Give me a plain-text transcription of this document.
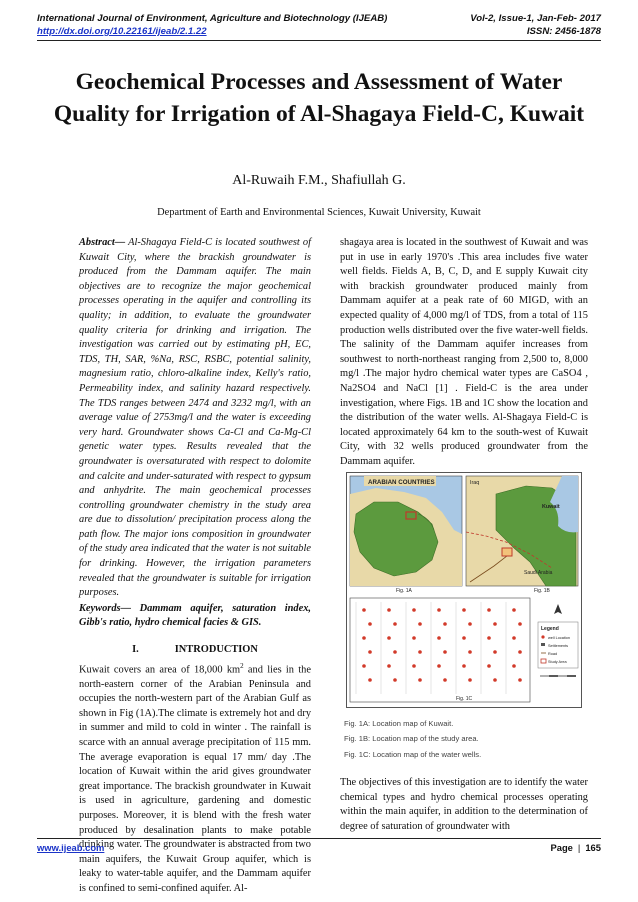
International Journal of Environment, Agriculture and Biotechnology (IJEAB)	Vol-2, Issue-1, Jan-Feb- 2017
http://dx.doi.org/10.22161/ijeab/2.1.22	ISSN: 2456-1878
Geochemical Processes and Assessment of Water Quality for Irrigation of Al-Shagaya Field-C, Kuwait
Al-Ruwaih F.M., Shafiullah G.
Department of Earth and Environmental Sciences, Kuwait University, Kuwait

Abstract— Al-Shagaya Field-C is located southwest of Kuwait City, where the brackish groundwater is produced from the Dammam aquifer. The main objectives are to recognize the major geochemical processes operating in the aquifer and controlling its quality; in addition, to evaluate the groundwater quality criteria for drinking and irrigation. The investigation was carried out by estimating pH, EC, TDS, TH, SAR, %Na, RSC, RSBC, potential salinity, magnesium ratio, chloro-alkaline index, Kelly's ratio, Permeability index, and salinity hazard respectively. The TDS ranges between 2474 and 3232 mg/l, with an average value of 2753mg/l and the water is exceeding very hard. Groundwater shows Ca-Cl and Ca-Mg-Cl genetic water types. Results revealed that the groundwater is oversaturated with respect to dolomite and calcite and under-saturated with respect to gypsum and anhydrite. The main geochemical processes controlling groundwater chemistry in the study area are due to dissolution/ precipitation process along the path flow. The major ions composition in groundwater of the study area indicated that the water is not suitable for drinking. However, the irrigation parameters revealed that the groundwater is suitable for irrigation purposes.

Keywords— Dammam aquifer, saturation index, Gibb's ratio, hydro chemical facies & GIS.

I.	INTRODUCTION

Kuwait covers an area of 18,000 $km^2$ and lies in the north-eastern corner of the Arabian Peninsula and occupies the north-western part of the Arabian Gulf as shown in Fig (1A).The climate is extremely hot and dry in summer and mild to cold in winter . The rainfall is scarce with an annual average precipitation of 115 mm. The average evaporation is equal 17 mm/ day .The location of Kuwait within the arid gives groundwater great importance. The brackish groundwater in Kuwait is used in agriculture, gardening and domestic purposes. Moreover, it is blend with the fresh water produced by desalination plants to make potable drinking water. The groundwater is abstracted from two main aquifers, the Kuwait Group aquifer, which is leaky to water-table aquifer, and the Dammam aquifer is confined to semi-confined aquifer. Al-

shagaya area is located in the southwest of Kuwait and was put in use in early 1970's .This area includes five water well fields. Fields A, B, C, D, and E supply Kuwait city with brackish groundwater produced mainly from Dammam aquifer at a peak rate of 60 MIGD, with an expected quality of 4,000 mg/l of TDS, from a total of 115 production wells distributed over the five water-well fields. The salinity of the Dammam aquifer increases from southwest to north-northeast ranging from 2,500 to, 8,000 mg/l .The major hydro chemical water types are CaSO4 , Na2SO4 and NaCl [1] . Field-C is the area under investigation, where Figs. 1B and 1C show the location and the distribution of the water wells. Al-Shagaya Field-C is located approximately 64 km to the south-west of Kuwait City, with 32 wells produced groundwater from the Dammam aquifer.

ARABIAN COUNTRIES
Fig. 1A
Iraq
Kuwait
Saudi Arabia
Fig. 1B
Fig. 1C
Legend
well Location
Settlements
Road
Study Area
Fig. 1A: Location map of Kuwait.
Fig. 1B: Location map of the study area.
Fig. 1C: Location map of the water wells.

The objectives of this investigation are to identify the water chemical types and hydro chemical processes operating within the main aquifer, in addition to the determination of degree of saturation of groundwater with

www.ijeab.com	Page | 165
